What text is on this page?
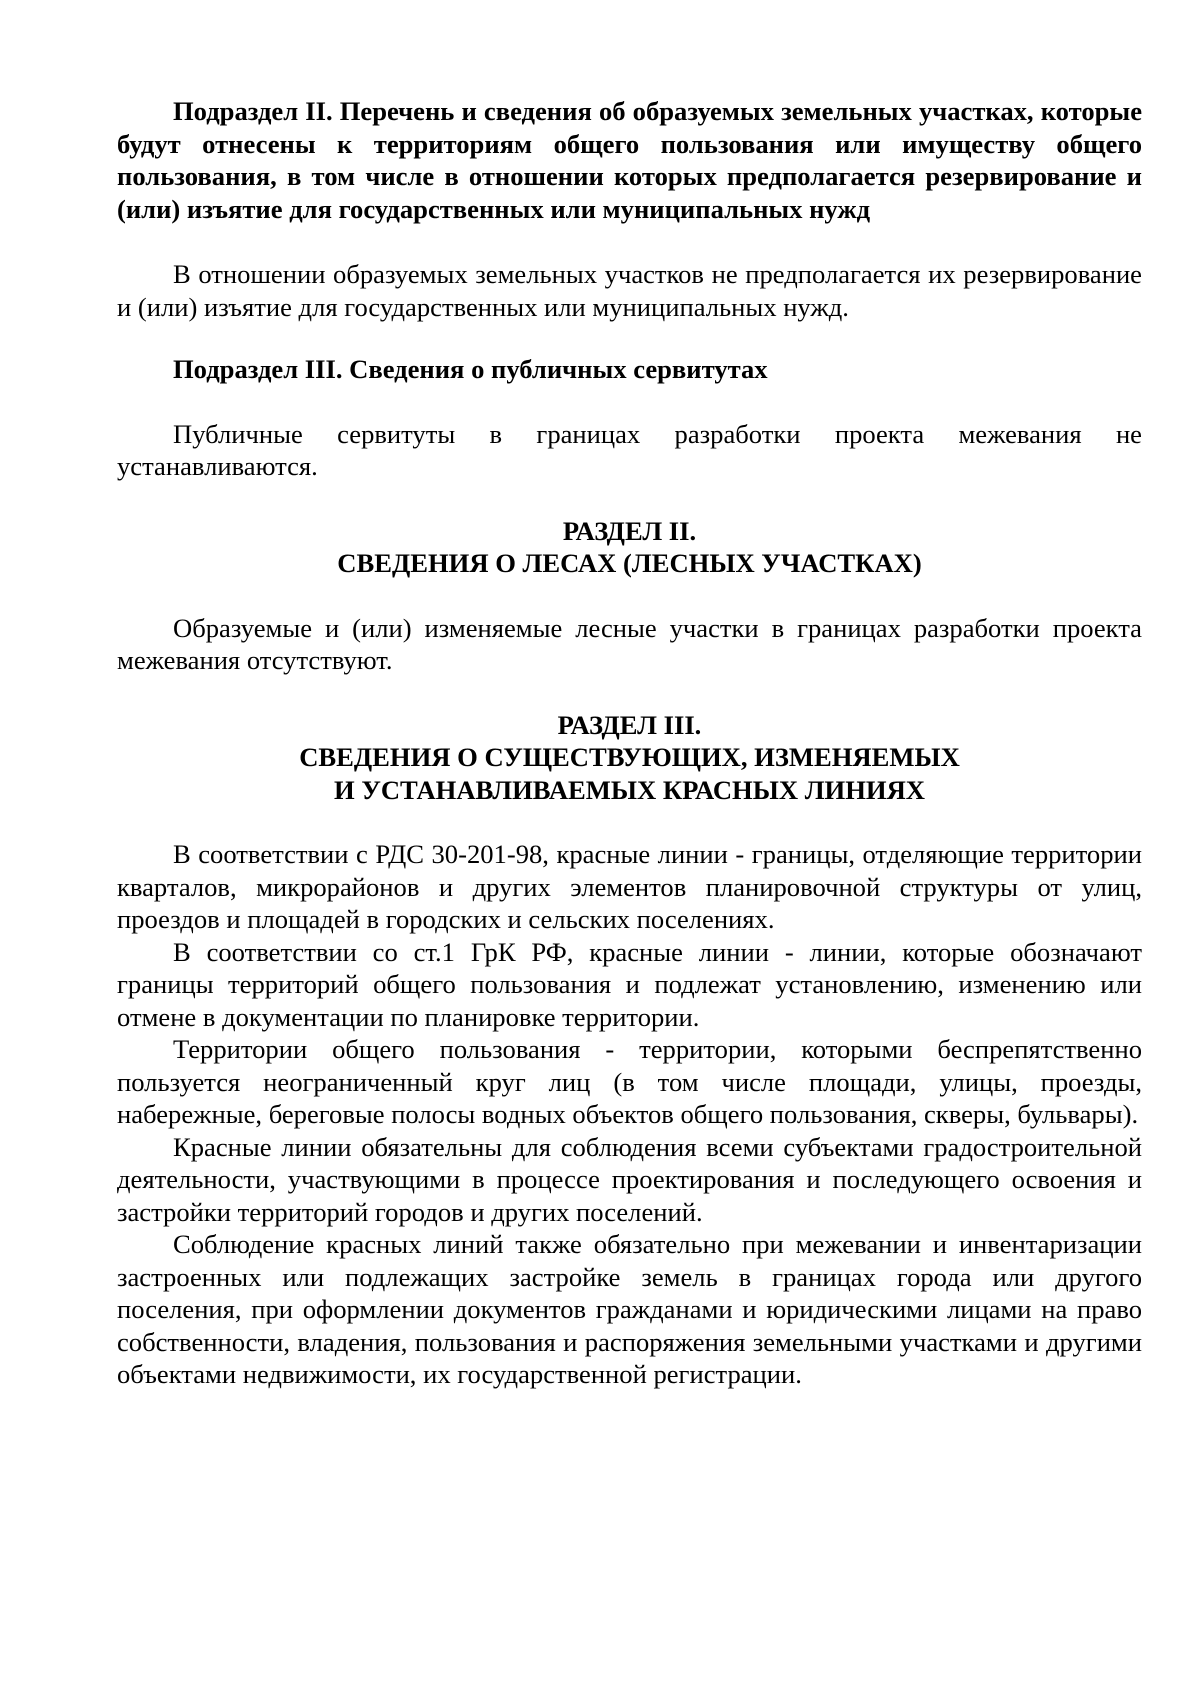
Подраздел II. Перечень и сведения об образуемых земельных участках, которые будут отнесены к территориям общего пользования или имуществу общего пользования, в том числе в отношении которых предполагается резервирование и (или) изъятие для государственных или муниципальных нужд

В отношении образуемых земельных участков не предполагается их резервирование и (или) изъятие для государственных или муниципальных нужд.

Подраздел III. Сведения о публичных сервитутах

Публичные сервитуты в границах разработки проекта межевания не устанавливаются.

РАЗДЕЛ II.
СВЕДЕНИЯ О ЛЕСАХ (ЛЕСНЫХ УЧАСТКАХ)

Образуемые и (или) изменяемые лесные участки в границах разработки проекта межевания отсутствуют.

РАЗДЕЛ III.
СВЕДЕНИЯ О СУЩЕСТВУЮЩИХ, ИЗМЕНЯЕМЫХ
И УСТАНАВЛИВАЕМЫХ КРАСНЫХ ЛИНИЯХ

В соответствии с РДС 30-201-98, красные линии - границы, отделяющие территории кварталов, микрорайонов и других элементов планировочной структуры от улиц, проездов и площадей в городских и сельских поселениях.

В соответствии со ст.1 ГрК РФ, красные линии - линии, которые обозначают границы территорий общего пользования и подлежат установлению, изменению или отмене в документации по планировке территории.

Территории общего пользования - территории, которыми беспрепятственно пользуется неограниченный круг лиц (в том числе площади, улицы, проезды, набережные, береговые полосы водных объектов общего пользования, скверы, бульвары).

Красные линии обязательны для соблюдения всеми субъектами градостроительной деятельности, участвующими в процессе проектирования и последующего освоения и застройки территорий городов и других поселений.

Соблюдение красных линий также обязательно при межевании и инвентаризации застроенных или подлежащих застройке земель в границах города или другого поселения, при оформлении документов гражданами и юридическими лицами на право собственности, владения, пользования и распоряжения земельными участками и другими объектами недвижимости, их государственной регистрации.
